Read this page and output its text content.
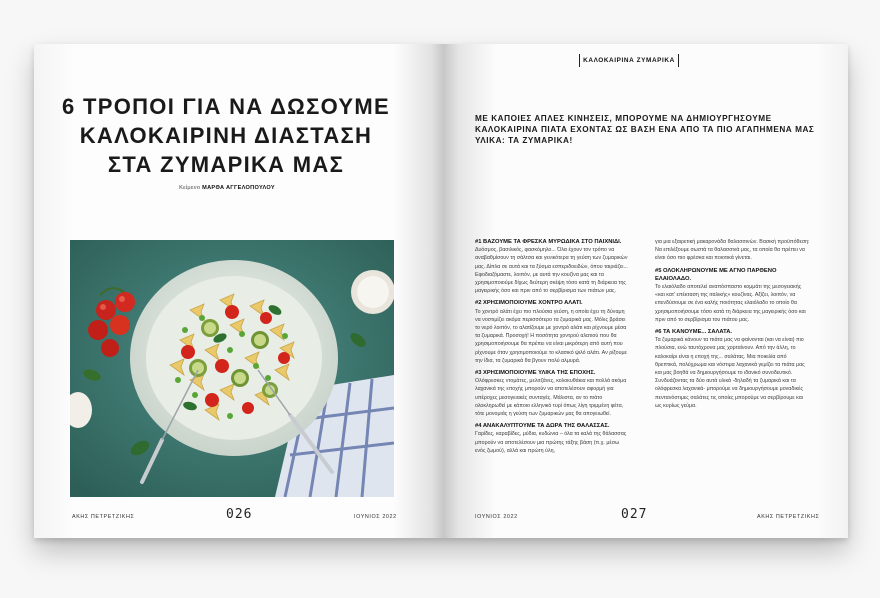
6 ΤΡΟΠΟΙ ΓΙΑ ΝΑ ΔΩΣΟΥΜΕ
ΚΑΛΟΚΑΙΡΙΝΗ ΔΙΑΣΤΑΣΗ
ΣΤΑ ΖΥΜΑΡΙΚΑ ΜΑΣ
Κείμενο ΜΑΡΘΑ ΑΓΓΕΛΟΠΟΥΛΟΥ
ΑΚΗΣ ΠΕΤΡΕΤΖΙΚΗΣ	026	ΙΟΥΝΙΟΣ 2022
ΚΑΛΟΚΑΙΡΙΝΑ ΖΥΜΑΡΙΚΑ

ΜΕ ΚΑΠΟΙΕΣ ΑΠΛΕΣ ΚΙΝΗΣΕΙΣ, ΜΠΟΡΟΥΜΕ ΝΑ ΔΗΜΙΟΥΡΓΗΣΟΥΜΕ ΚΑΛΟΚΑΙΡΙΝΑ ΠΙΑΤΑ ΕΧΟΝΤΑΣ ΩΣ ΒΑΣΗ ΕΝΑ ΑΠΟ ΤΑ ΠΙΟ ΑΓΑΠΗΜΕΝΑ ΜΑΣ ΥΛΙΚΑ: ΤΑ ΖΥΜΑΡΙΚΑ!

#1 ΒΑΖΟΥΜΕ ΤΑ ΦΡΕΣΚΑ ΜΥΡΩΔΙΚΑ ΣΤΟ ΠΑΙΧΝΙΔΙ.
Δυόσμος, βασιλικός, φασκόμηλο... Όλα έχουν τον τρόπο να αναβαθμίσουν τη σάλτσα και γενικότερα τη γεύση των ζυμαρικών μας. Δίπλα σε αυτά και τα ξύσμα εσπεριδοειδών, όπου ταιριάζει... Εφοδιαζόμαστε, λοιπόν, με αυτά την κουζίνα μας και τα χρησιμοποιούμε δίχως δεύτερη σκέψη τόσο κατά τη διάρκεια της μαγειρικής όσο και πριν από το σερβίρισμα των πιάτων μας.

#2 ΧΡΗΣΙΜΟΠΟΙΟΥΜΕ ΧΟΝΤΡΟ ΑΛΑΤΙ.
Το χοντρό αλάτι έχει πιο πλούσια γεύση, η οποία έχει τη δύναμη να νοστιμίζει ακόμα περισσότερο τα ζυμαρικά μας. Μόλις βράσει το νερό λοιπόν, το αλατίζουμε με χοντρό αλάτι και ρίχνουμε μέσα τα ζυμαρικά. Προσοχή! Η ποσότητα χοντρού αλατιού που θα χρησιμοποιήσουμε θα πρέπει να είναι μικρότερη από αυτή που ρίχνουμε όταν χρησιμοποιούμε το κλασικό ψιλό αλάτι. Αν ρίξουμε την ίδια, τα ζυμαρικά θα βγουν πολύ αλμυρά.

#3 ΧΡΗΣΙΜΟΠΟΙΟΥΜΕ ΥΛΙΚΑ ΤΗΣ ΕΠΟΧΗΣ.
Ολόφρεσκες ντομάτες, μελιτζάνες, κολοκυθάκια και πολλά ακόμα λαχανικά της εποχής μπορούν να αποτελέσουν αφορμή για υπέροχες μεσογειακές συνταγές. Μάλιστα, αν το πιάτο ολοκληρωθεί με κάποιο ελληνικό τυρί όπως λίγη τριμμένη φέτα, τότε μονομιάς η γεύση των ζυμαρικών μας θα απογειωθεί.

#4 ΑΝΑΚΑΛΥΠΤΟΥΜΕ ΤΑ ΔΩΡΑ ΤΗΣ ΘΑΛΑΣΣΑΣ.
Γαρίδες, καραβίδες, μύδια, κυδώνια – όλα τα καλά της θάλασσας μπορούν να αποτελέσουν μια πρώτης τάξης βάση (π.χ. μέσω ενός ζωμού), αλλά και πρώτη ύλη,

για μια εξαιρετική μακαρονάδα θαλασσινών. Βασική προϋπόθεση: Να επιλέξουμε σωστά τα θαλασσινά μας, τα οποία θα πρέπει να είναι όσο πιο φρέσκα και ποιοτικά γίνεται.

#5 ΟΛΟΚΛΗΡΩΝΟΥΜΕ ΜΕ ΑΓΝΟ ΠΑΡΘΕΝΟ ΕΛΑΙΟΛΑΔΟ.
Το ελαιόλαδο αποτελεί αναπόσπαστο κομμάτι της μεσογειακής «και κατ' επέκταση της ιταλικής» κουζίνας. Αξίζει, λοιπόν, να επενδύσουμε σε ένα καλής ποιότητας ελαιόλαδο το οποίο θα χρησιμοποιήσουμε τόσο κατά τη διάρκεια της μαγειρικής όσο και πριν από το σερβίρισμα του πιάτου μας.

#6 ΤΑ ΚΑΝΟΥΜΕ... ΣΑΛΑΤΑ.
Τα ζυμαρικά κάνουν τα πιάτα μας να φαίνονται (και να είναι) πιο πλούσια, ενώ ταυτόχρονα μας χορταίνουν. Από την άλλη, το καλοκαίρι είναι η εποχή της... σαλάτας. Μια ποικιλία από θρεπτικά, πολύχρωμα και νόστιμα λαχανικά γεμίζει τα πιάτα μας και μας βοηθά να δημιουργήσουμε το ιδανικό συνοδευτικό. Συνδυάζοντας τα δύο αυτά υλικά -δηλαδή τα ζυμαρικά και τα ολόφρεσκα λαχανικά- μπορούμε να δημιουργήσουμε μοναδικές πεντανόστιμες σαλάτες τις οποίες μπορούμε να σερβίρουμε και ως κυρίως γεύμα.

ΙΟΥΝΙΟΣ 2022	027	ΑΚΗΣ ΠΕΤΡΕΤΖΙΚΗΣ
